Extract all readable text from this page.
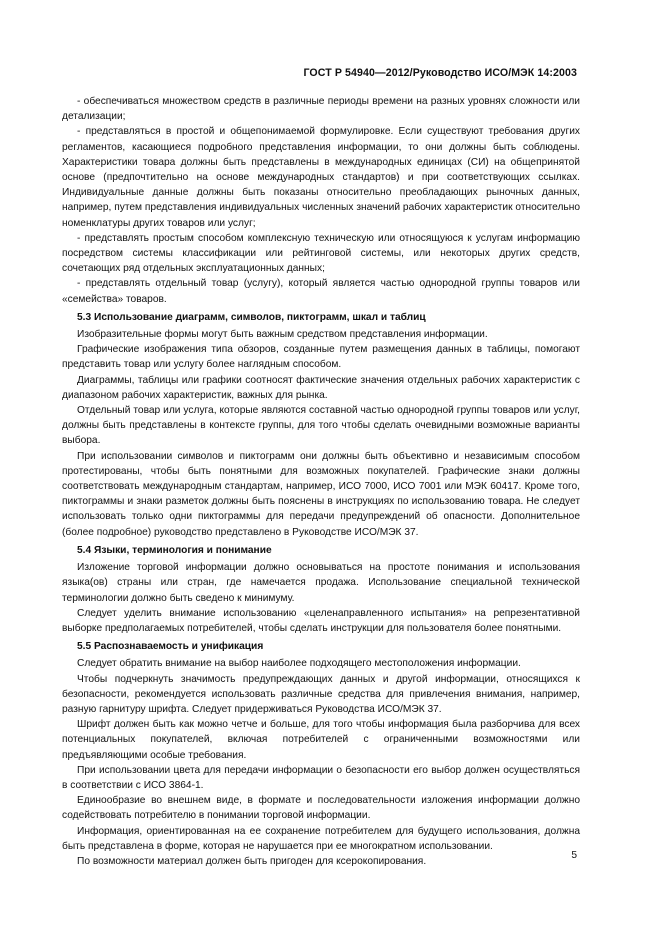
ГОСТ Р 54940—2012/Руководство ИСО/МЭК 14:2003

- обеспечиваться множеством средств в различные периоды времени на разных уровнях сложности или детализации;

- представляться в простой и общепонимаемой формулировке. Если существуют требования других регламентов, касающиеся подробного представления информации, то они должны быть соблюдены. Характеристики товара должны быть представлены в международных единицах (СИ) на общепринятой основе (предпочтительно на основе международных стандартов) и при соответствующих ссылках. Индивидуальные данные должны быть показаны относительно преобладающих рыночных данных, например, путем представления индивидуальных численных значений рабочих характеристик относительно номенклатуры других товаров или услуг;

- представлять простым способом комплексную техническую или относящуюся к услугам информацию посредством системы классификации или рейтинговой системы, или некоторых других средств, сочетающих ряд отдельных эксплуатационных данных;

- представлять отдельный товар (услугу), который является частью однородной группы товаров или «семейства» товаров.

5.3 Использование диаграмм, символов, пиктограмм, шкал и таблиц

Изобразительные формы могут быть важным средством представления информации.

Графические изображения типа обзоров, созданные путем размещения данных в таблицы, помогают представить товар или услугу более наглядным способом.

Диаграммы, таблицы или графики соотносят фактические значения отдельных рабочих характеристик с диапазоном рабочих характеристик, важных для рынка.

Отдельный товар или услуга, которые являются составной частью однородной группы товаров или услуг, должны быть представлены в контексте группы, для того чтобы сделать очевидными возможные варианты выбора.

При использовании символов и пиктограмм они должны быть объективно и независимым способом протестированы, чтобы быть понятными для возможных покупателей. Графические знаки должны соответствовать международным стандартам, например, ИСО 7000, ИСО 7001 или МЭК 60417. Кроме того, пиктограммы и знаки разметок должны быть пояснены в инструкциях по использованию товара. Не следует использовать только одни пиктограммы для передачи предупреждений об опасности. Дополнительное (более подробное) руководство представлено в Руководстве ИСО/МЭК 37.

5.4 Языки, терминология и понимание

Изложение торговой информации должно основываться на простоте понимания и использования языка(ов) страны или стран, где намечается продажа. Использование специальной технической терминологии должно быть сведено к минимуму.

Следует уделить внимание использованию «целенаправленного испытания» на репрезентативной выборке предполагаемых потребителей, чтобы сделать инструкции для пользователя более понятными.

5.5 Распознаваемость и унификация

Следует обратить внимание на выбор наиболее подходящего местоположения информации.

Чтобы подчеркнуть значимость предупреждающих данных и другой информации, относящихся к безопасности, рекомендуется использовать различные средства для привлечения внимания, например, разную гарнитуру шрифта. Следует придерживаться Руководства ИСО/МЭК 37.

Шрифт должен быть как можно четче и больше, для того чтобы информация была разборчива для всех потенциальных покупателей, включая потребителей с ограниченными возможностями или предъявляющими особые требования.

При использовании цвета для передачи информации о безопасности его выбор должен осуществляться в соответствии с ИСО 3864-1.

Единообразие во внешнем виде, в формате и последовательности изложения информации должно содействовать потребителю в понимании торговой информации.

Информация, ориентированная на ее сохранение потребителем для будущего использования, должна быть представлена в форме, которая не нарушается при ее многократном использовании.

По возможности материал должен быть пригоден для ксерокопирования.

5
